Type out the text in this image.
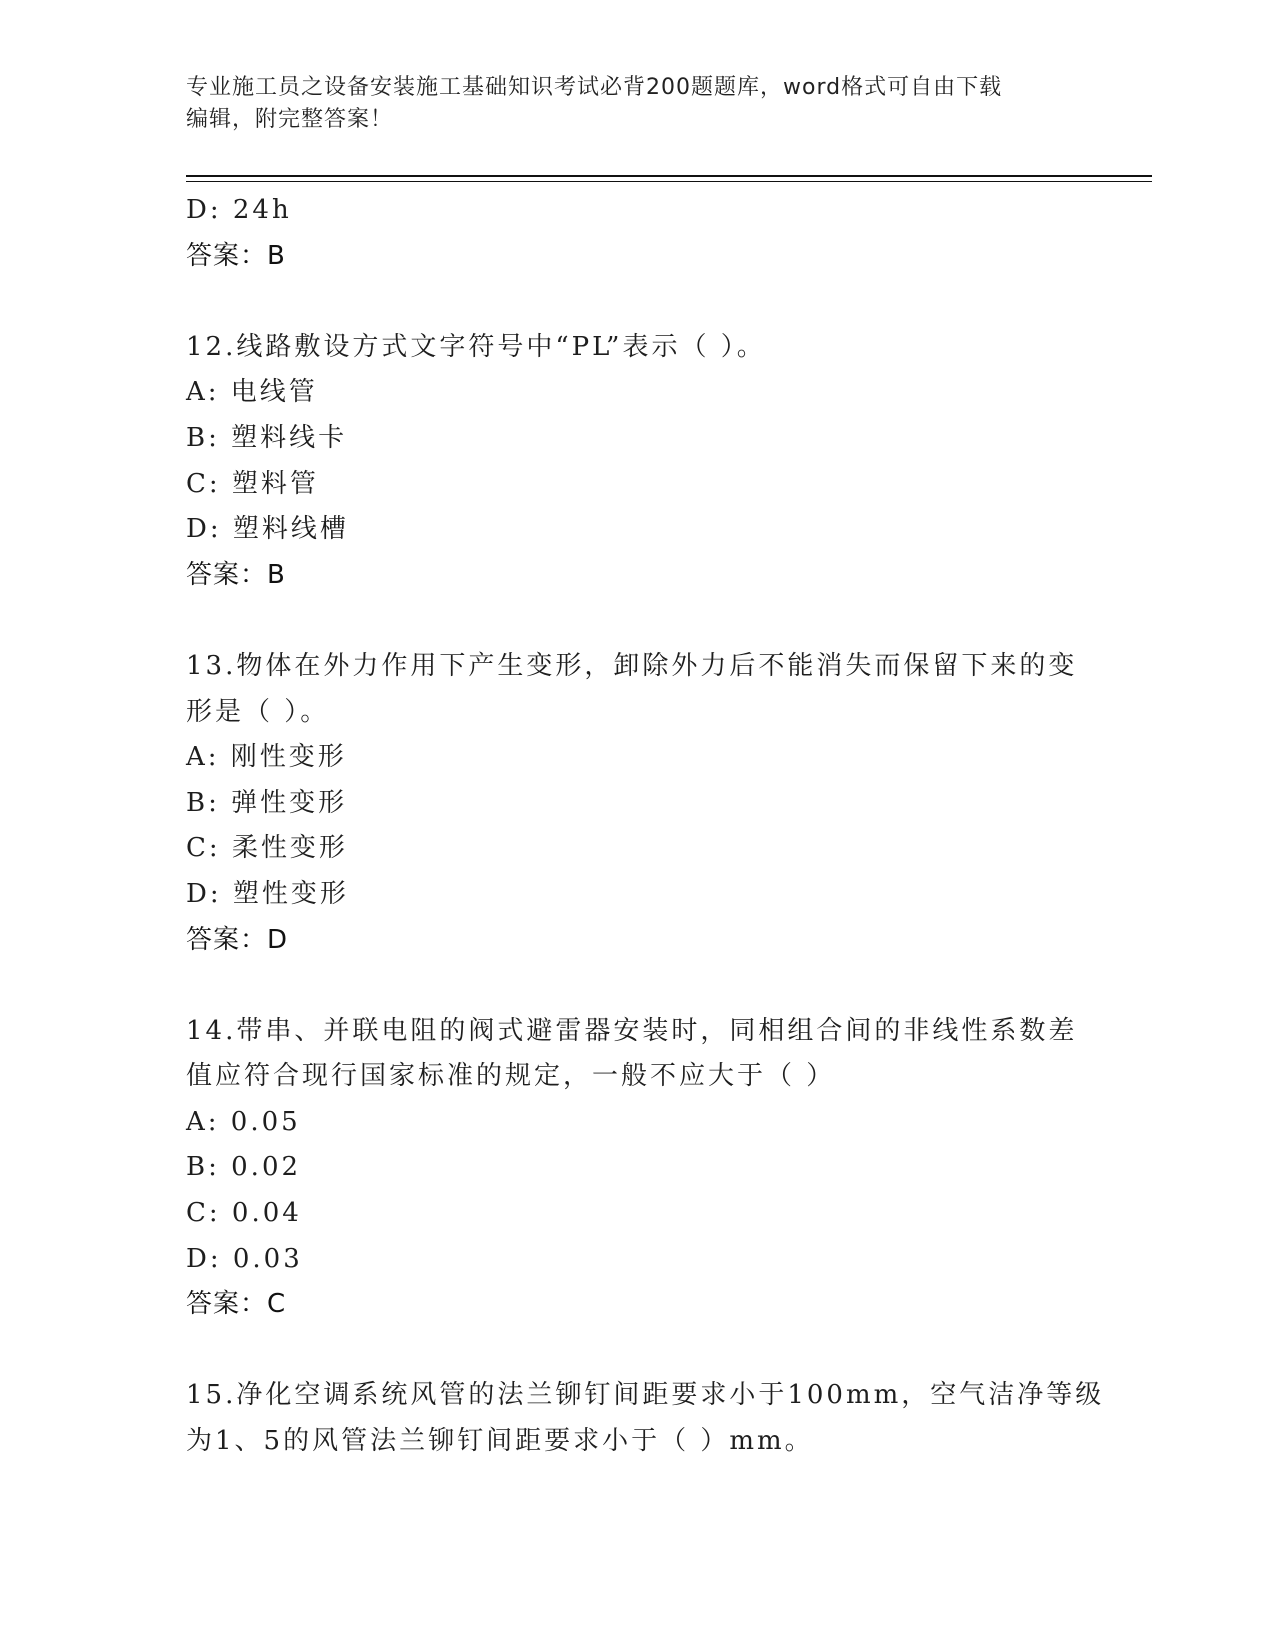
专业施工员之设备安装施工基础知识考试必背200题题库，word格式可自由下载
编辑，附完整答案！
D: 24h
答案：B
12.线路敷设方式文字符号中“PL”表示（ ）。
A: 电线管
B: 塑料线卡
C: 塑料管
D: 塑料线槽
答案：B
13.物体在外力作用下产生变形，卸除外力后不能消失而保留下来的变
形是（ ）。
A: 刚性变形
B: 弹性变形
C: 柔性变形
D: 塑性变形
答案：D
14.带串、并联电阻的阀式避雷器安装时，同相组合间的非线性系数差
值应符合现行国家标准的规定，一般不应大于（ ）
A: 0.05
B: 0.02
C: 0.04
D: 0.03
答案：C
15.净化空调系统风管的法兰铆钉间距要求小于100mm，空气洁净等级
为1、5的风管法兰铆钉间距要求小于（ ）mm。
